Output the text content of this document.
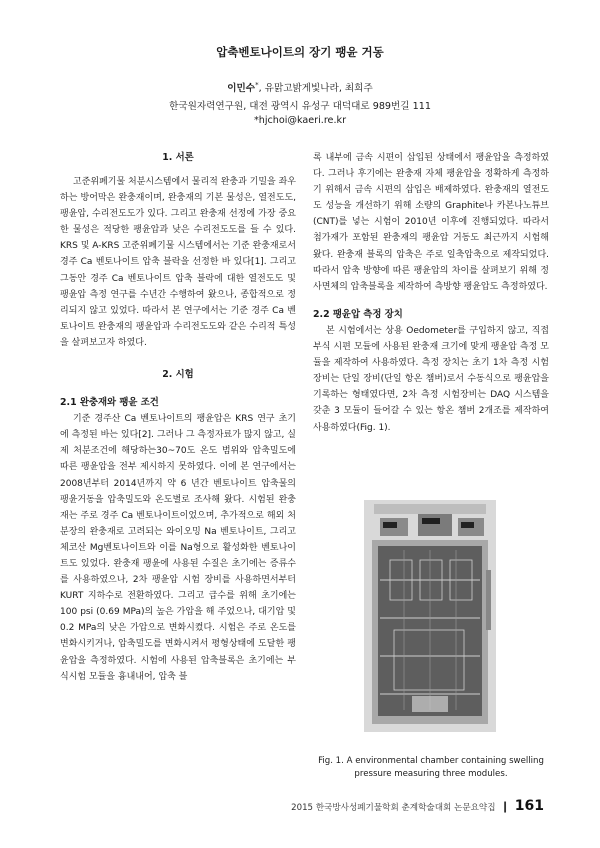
압축벤토나이트의 장기 팽윤 거동
이민수*, 유맑고밝게빛나라, 최희주
한국원자력연구원, 대전 광역시 유성구 대덕대로 989번길 111
*hjchoi@kaeri.re.kr
1. 서론

고준위폐기물 처분시스템에서 물리적 완충과 기밀을 좌우하는 방어막은 완충재이며, 완충재의 기본 물성은, 열전도도, 팽윤압, 수리전도도가 있다. 그리고 완충재 선정에 가장 중요한 물성은 적당한 팽윤압과 낮은 수리전도도를 들 수 있다. KRS 및 A-KRS 고준위폐기물 시스템에서는 기준 완충재로서 경주 Ca 벤토나이트 압축 블락을 선정한 바 있다[1]. 그리고 그동안 경주 Ca 벤토나이트 압축 블락에 대한 열전도도 및 팽윤압 측정 연구를 수년간 수행하여 왔으나, 종합적으로 정리되지 않고 있었다. 따라서 본 연구에서는 기준 경주 Ca 벤토나이트 완충재의 팽윤압과 수리전도도와 같은 수리적 특성을 살펴보고자 하였다.

2. 시험
2.1 완충재와 팽윤 조건

기준 경주산 Ca 벤토나이트의 팽윤압은 KRS 연구 초기에 측정된 바는 있다[2]. 그러나 그 측정자료가 많지 않고, 실제 처분조건에 해당하는30~70도 온도 범위와 압축밀도에 따른 팽윤압을 전부 제시하지 못하였다. 이에 본 연구에서는 2008년부터 2014년까지 약 6 년간 벤토나이트 압축물의 팽윤거동을 압축밀도와 온도별로 조사해 왔다. 시험된 완충재는 주로 경주 Ca 벤토나이트이었으며, 추가적으로 해외 처분장의 완충재로 고려되는 와이오밍 Na 벤토나이트, 그리고 체코산 Mg벤토나이트와 이를 Na형으로 활성화한 벤토나이트도 있었다. 완충재 팽윤에 사용된 수질은 초기에는 증류수를 사용하였으나, 2차 팽윤압 시험 장비를 사용하면서부터 KURT 지하수로 전환하였다. 그리고 급수를 위해 초기에는 100 psi (0.69 MPa)의 높은 가압을 해 주었으나, 대기압 및 0.2 MPa의 낮은 가압으로 변화시켰다. 시험은 주로 온도를 변화시키거나, 압축밀도를 변화시켜서 평형상태에 도달한 팽윤압을 측정하였다. 시험에 사용된 압축블록은 초기에는 부식시험 모듈을 흉내내어, 압축 블

록 내부에 금속 시편이 삽입된 상태에서 팽윤압을 측정하였다. 그러나 후기에는 완충재 자체 팽윤압을 정확하게 측정하기 위해서 금속 시편의 삽입은 배제하였다. 완충재의 열전도도 성능을 개선하기 위해 소량의 Graphite나 카본나노튜브(CNT)를 넣는 시험이 2010년 이후에 진행되었다. 따라서 첨가재가 포함된 완충재의 팽윤압 거동도 최근까지 시험해 왔다. 완충재 블록의 압축은 주로 일축압축으로 제작되었다. 따라서 압축 방향에 따른 팽윤압의 차이를 살펴보기 위해 정사면체의 압축블록을 제작하여 측방향 팽윤압도 측정하였다.

2.2 팽윤압 측정 장치

본 시험에서는 상용 Oedometer를 구입하지 않고, 직접 부식 시편 모듈에 사용된 완충재 크기에 맞게 팽윤압 측정 모듈을 제작하여 사용하였다. 측정 장치는 초기 1차 측정 시험장비는 단일 장비(단일 항온 챔버)로서 수동식으로 팽윤압을 기록하는 형태였다면, 2차 측정 시험장비는 DAQ 시스템을 갖춘 3 모듈이 들어갈 수 있는 항온 챔버 2개조를 제작하여 사용하였다(Fig. 1).

Fig. 1. A environmental chamber containing swelling pressure measuring three modules.
2015 한국방사성폐기물학회 춘계학술대회 논문요약집 ❙ 161
